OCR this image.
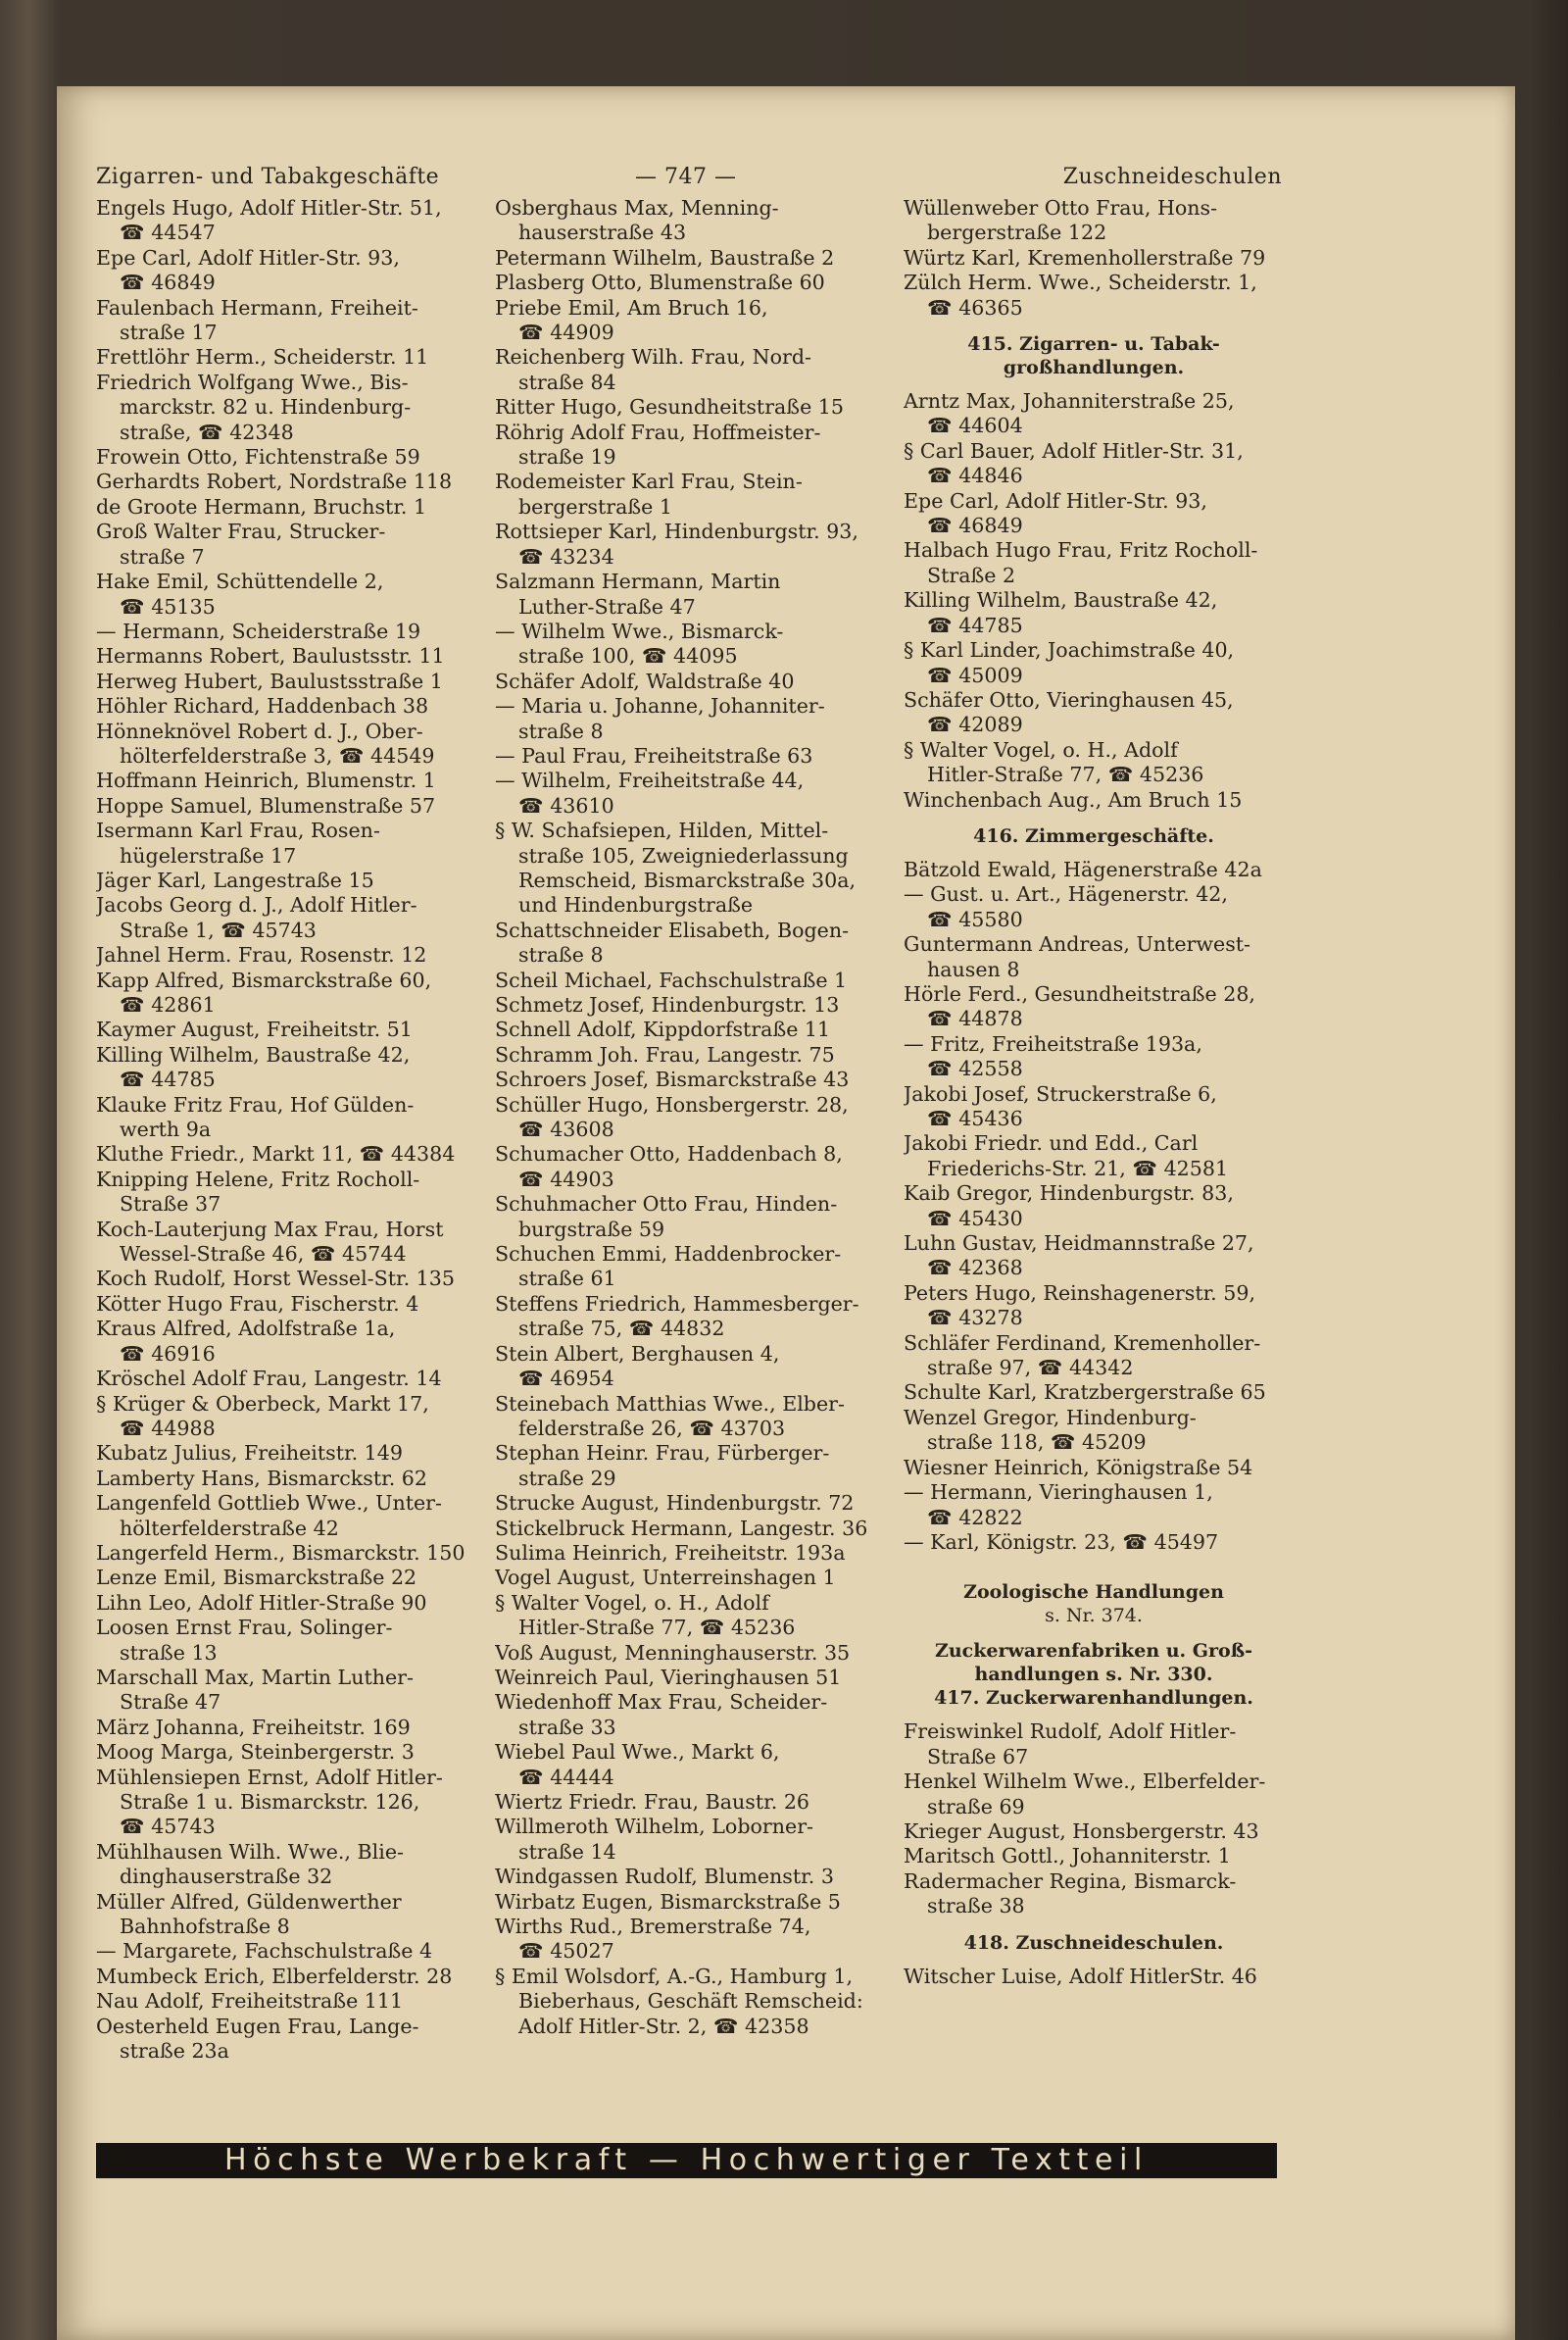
Zigarren- und Tabakgeschäfte	— 747 —	Zuschneideschulen
Engels Hugo, Adolf Hitler-Str. 51,
☎ 44547
Epe Carl, Adolf Hitler-Str. 93,
☎ 46849
Faulenbach Hermann, Freiheit-
straße 17
Frettlöhr Herm., Scheiderstr. 11
Friedrich Wolfgang Wwe., Bis-
marckstr. 82 u. Hindenburg-
straße, ☎ 42348
Frowein Otto, Fichtenstraße 59
Gerhardts Robert, Nordstraße 118
de Groote Hermann, Bruchstr. 1
Groß Walter Frau, Strucker-
straße 7
Hake Emil, Schüttendelle 2,
☎ 45135
— Hermann, Scheiderstraße 19
Hermanns Robert, Baulustsstr. 11
Herweg Hubert, Baulustsstraße 1
Höhler Richard, Haddenbach 38
Hönneknövel Robert d. J., Ober-
hölterfelderstraße 3, ☎ 44549
Hoffmann Heinrich, Blumenstr. 1
Hoppe Samuel, Blumenstraße 57
Isermann Karl Frau, Rosen-
hügelerstraße 17
Jäger Karl, Langestraße 15
Jacobs Georg d. J., Adolf Hitler-
Straße 1, ☎ 45743
Jahnel Herm. Frau, Rosenstr. 12
Kapp Alfred, Bismarckstraße 60,
☎ 42861
Kaymer August, Freiheitstr. 51
Killing Wilhelm, Baustraße 42,
☎ 44785
Klauke Fritz Frau, Hof Gülden-
werth 9a
Kluthe Friedr., Markt 11, ☎ 44384
Knipping Helene, Fritz Rocholl-
Straße 37
Koch-Lauterjung Max Frau, Horst
Wessel-Straße 46, ☎ 45744
Koch Rudolf, Horst Wessel-Str. 135
Kötter Hugo Frau, Fischerstr. 4
Kraus Alfred, Adolfstraße 1a,
☎ 46916
Kröschel Adolf Frau, Langestr. 14
§ Krüger & Oberbeck, Markt 17,
☎ 44988
Kubatz Julius, Freiheitstr. 149
Lamberty Hans, Bismarckstr. 62
Langenfeld Gottlieb Wwe., Unter-
hölterfelderstraße 42
Langerfeld Herm., Bismarckstr. 150
Lenze Emil, Bismarckstraße 22
Lihn Leo, Adolf Hitler-Straße 90
Loosen Ernst Frau, Solinger-
straße 13
Marschall Max, Martin Luther-
Straße 47
März Johanna, Freiheitstr. 169
Moog Marga, Steinbergerstr. 3
Mühlensiepen Ernst, Adolf Hitler-
Straße 1 u. Bismarckstr. 126,
☎ 45743
Mühlhausen Wilh. Wwe., Blie-
dinghauserstraße 32
Müller Alfred, Güldenwerther
Bahnhofstraße 8
— Margarete, Fachschulstraße 4
Mumbeck Erich, Elberfelderstr. 28
Nau Adolf, Freiheitstraße 111
Oesterheld Eugen Frau, Lange-
straße 23a
Osberghaus Max, Menning-
hauserstraße 43
Petermann Wilhelm, Baustraße 2
Plasberg Otto, Blumenstraße 60
Priebe Emil, Am Bruch 16,
☎ 44909
Reichenberg Wilh. Frau, Nord-
straße 84
Ritter Hugo, Gesundheitstraße 15
Röhrig Adolf Frau, Hoffmeister-
straße 19
Rodemeister Karl Frau, Stein-
bergerstraße 1
Rottsieper Karl, Hindenburgstr. 93,
☎ 43234
Salzmann Hermann, Martin
Luther-Straße 47
— Wilhelm Wwe., Bismarck-
straße 100, ☎ 44095
Schäfer Adolf, Waldstraße 40
— Maria u. Johanne, Johanniter-
straße 8
— Paul Frau, Freiheitstraße 63
— Wilhelm, Freiheitstraße 44,
☎ 43610
§ W. Schafsiepen, Hilden, Mittel-
straße 105, Zweigniederlassung
Remscheid, Bismarckstraße 30a,
und Hindenburgstraße
Schattschneider Elisabeth, Bogen-
straße 8
Scheil Michael, Fachschulstraße 1
Schmetz Josef, Hindenburgstr. 13
Schnell Adolf, Kippdorfstraße 11
Schramm Joh. Frau, Langestr. 75
Schroers Josef, Bismarckstraße 43
Schüller Hugo, Honsbergerstr. 28,
☎ 43608
Schumacher Otto, Haddenbach 8,
☎ 44903
Schuhmacher Otto Frau, Hinden-
burgstraße 59
Schuchen Emmi, Haddenbrocker-
straße 61
Steffens Friedrich, Hammesberger-
straße 75, ☎ 44832
Stein Albert, Berghausen 4,
☎ 46954
Steinebach Matthias Wwe., Elber-
felderstraße 26, ☎ 43703
Stephan Heinr. Frau, Fürberger-
straße 29
Strucke August, Hindenburgstr. 72
Stickelbruck Hermann, Langestr. 36
Sulima Heinrich, Freiheitstr. 193a
Vogel August, Unterreinshagen 1
§ Walter Vogel, o. H., Adolf
Hitler-Straße 77, ☎ 45236
Voß August, Menninghauserstr. 35
Weinreich Paul, Vieringhausen 51
Wiedenhoff Max Frau, Scheider-
straße 33
Wiebel Paul Wwe., Markt 6,
☎ 44444
Wiertz Friedr. Frau, Baustr. 26
Willmeroth Wilhelm, Loborner-
straße 14
Windgassen Rudolf, Blumenstr. 3
Wirbatz Eugen, Bismarckstraße 5
Wirths Rud., Bremerstraße 74,
☎ 45027
§ Emil Wolsdorf, A.-G., Hamburg 1,
Bieberhaus, Geschäft Remscheid:
Adolf Hitler-Str. 2, ☎ 42358
Wüllenweber Otto Frau, Hons-
bergerstraße 122
Würtz Karl, Kremenhollerstraße 79
Zülch Herm. Wwe., Scheiderstr. 1,
☎ 46365
415. Zigarren- u. Tabak-
großhandlungen.
Arntz Max, Johanniterstraße 25,
☎ 44604
§ Carl Bauer, Adolf Hitler-Str. 31,
☎ 44846
Epe Carl, Adolf Hitler-Str. 93,
☎ 46849
Halbach Hugo Frau, Fritz Rocholl-
Straße 2
Killing Wilhelm, Baustraße 42,
☎ 44785
§ Karl Linder, Joachimstraße 40,
☎ 45009
Schäfer Otto, Vieringhausen 45,
☎ 42089
§ Walter Vogel, o. H., Adolf
Hitler-Straße 77, ☎ 45236
Winchenbach Aug., Am Bruch 15
416. Zimmergeschäfte.
Bätzold Ewald, Hägenerstraße 42a
— Gust. u. Art., Hägenerstr. 42,
☎ 45580
Guntermann Andreas, Unterwest-
hausen 8
Hörle Ferd., Gesundheitstraße 28,
☎ 44878
— Fritz, Freiheitstraße 193a,
☎ 42558
Jakobi Josef, Struckerstraße 6,
☎ 45436
Jakobi Friedr. und Edd., Carl
Friederichs-Str. 21, ☎ 42581
Kaib Gregor, Hindenburgstr. 83,
☎ 45430
Luhn Gustav, Heidmannstraße 27,
☎ 42368
Peters Hugo, Reinshagenerstr. 59,
☎ 43278
Schläfer Ferdinand, Kremenholler-
straße 97, ☎ 44342
Schulte Karl, Kratzbergerstraße 65
Wenzel Gregor, Hindenburg-
straße 118, ☎ 45209
Wiesner Heinrich, Königstraße 54
— Hermann, Vieringhausen 1,
☎ 42822
— Karl, Königstr. 23, ☎ 45497
Zoologische Handlungen
s. Nr. 374.
Zuckerwarenfabriken u. Groß-
handlungen s. Nr. 330.
417. Zuckerwarenhandlungen.
Freiswinkel Rudolf, Adolf Hitler-
Straße 67
Henkel Wilhelm Wwe., Elberfelder-
straße 69
Krieger August, Honsbergerstr. 43
Maritsch Gottl., Johanniterstr. 1
Radermacher Regina, Bismarck-
straße 38
418. Zuschneideschulen.
Witscher Luise, Adolf HitlerStr. 46
Höchste Werbekraft — Hochwertiger Textteil
